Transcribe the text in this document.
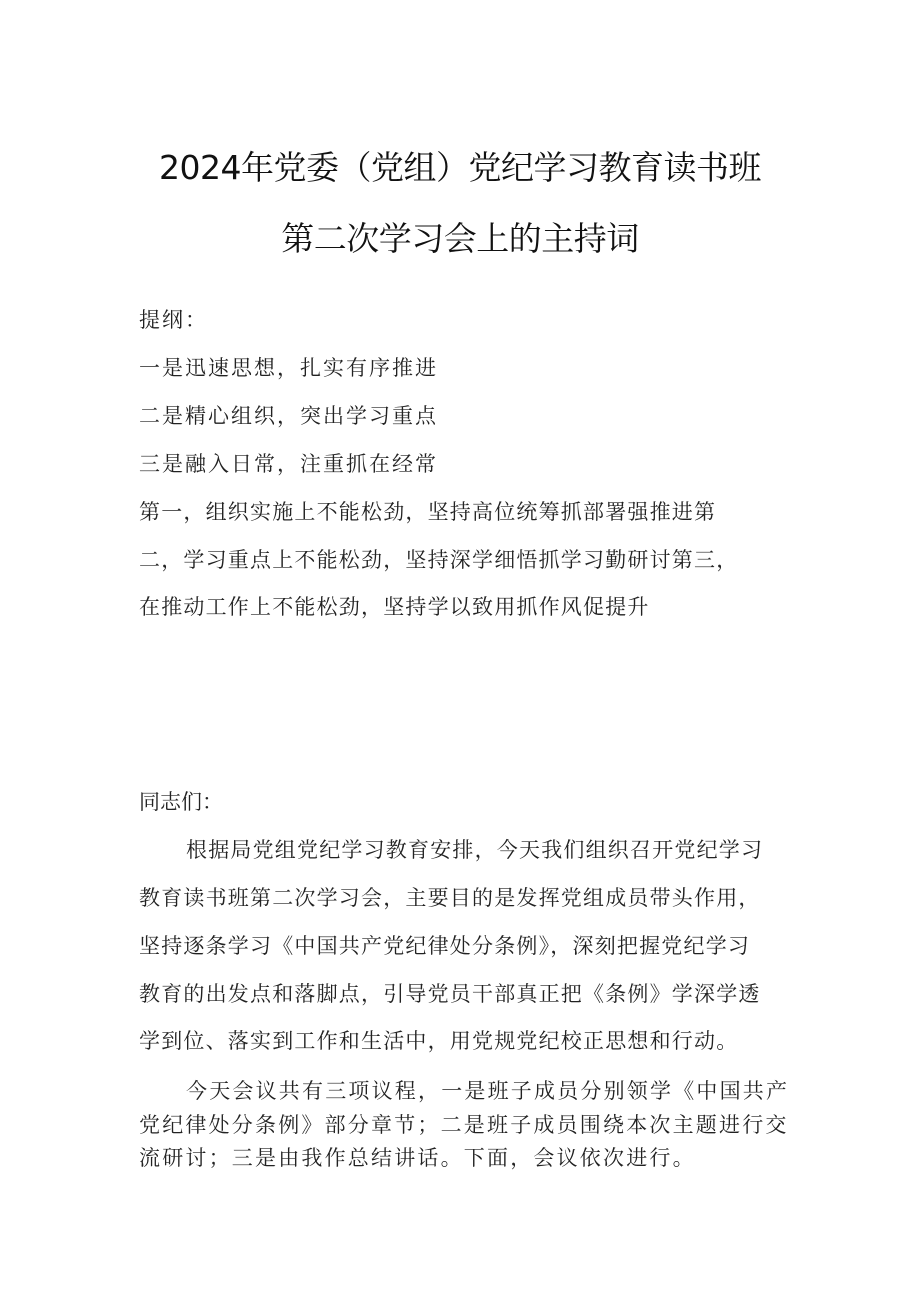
2024年党委（党组）党纪学习教育读书班
第二次学习会上的主持词
提纲：
一是迅速思想，扎实有序推进
二是精心组织，突出学习重点
三是融入日常，注重抓在经常
第一，组织实施上不能松劲，坚持高位统筹抓部署强推进第
二，学习重点上不能松劲，坚持深学细悟抓学习勤研讨第三，
在推动工作上不能松劲，坚持学以致用抓作风促提升
同志们：
根据局党组党纪学习教育安排，今天我们组织召开党纪学习
教育读书班第二次学习会，主要目的是发挥党组成员带头作用，
坚持逐条学习《中国共产党纪律处分条例》，深刻把握党纪学习
教育的出发点和落脚点，引导党员干部真正把《条例》学深学透
学到位、落实到工作和生活中，用党规党纪校正思想和行动。
今天会议共有三项议程，一是班子成员分别领学《中国共产
党纪律处分条例》部分章节；二是班子成员围绕本次主题进行交
流研讨；三是由我作总结讲话。下面，会议依次进行。
